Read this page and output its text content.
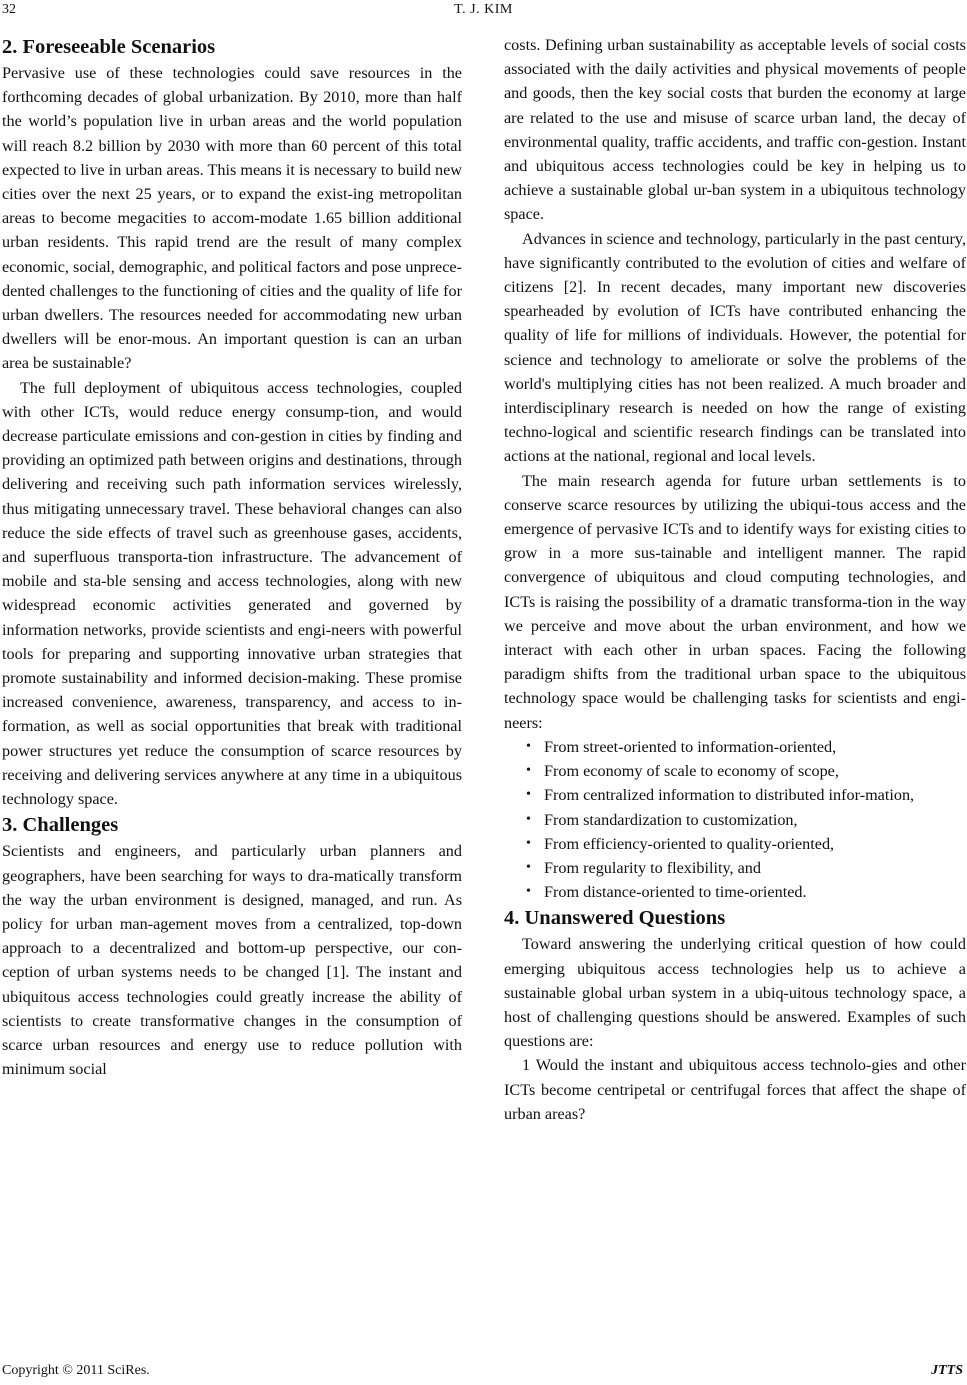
32	T. J. KIM
2. Foreseeable Scenarios

Pervasive use of these technologies could save resources in the forthcoming decades of global urbanization. By 2010, more than half the world’s population live in urban areas and the world population will reach 8.2 billion by 2030 with more than 60 percent of this total expected to live in urban areas. This means it is necessary to build new cities over the next 25 years, or to expand the exist-ing metropolitan areas to become megacities to accom-modate 1.65 billion additional urban residents. This rapid trend are the result of many complex economic, social, demographic, and political factors and pose unprece-dented challenges to the functioning of cities and the quality of life for urban dwellers. The resources needed for accommodating new urban dwellers will be enor-mous. An important question is can an urban area be sustainable?

The full deployment of ubiquitous access technologies, coupled with other ICTs, would reduce energy consump-tion, and would decrease particulate emissions and con-gestion in cities by finding and providing an optimized path between origins and destinations, through delivering and receiving such path information services wirelessly, thus mitigating unnecessary travel. These behavioral changes can also reduce the side effects of travel such as greenhouse gases, accidents, and superfluous transporta-tion infrastructure. The advancement of mobile and sta-ble sensing and access technologies, along with new widespread economic activities generated and governed by information networks, provide scientists and engi-neers with powerful tools for preparing and supporting innovative urban strategies that promote sustainability and informed decision-making. These promise increased convenience, awareness, transparency, and access to in-formation, as well as social opportunities that break with traditional power structures yet reduce the consumption of scarce resources by receiving and delivering services anywhere at any time in a ubiquitous technology space.

3. Challenges

Scientists and engineers, and particularly urban planners and geographers, have been searching for ways to dra-matically transform the way the urban environment is designed, managed, and run. As policy for urban man-agement moves from a centralized, top-down approach to a decentralized and bottom-up perspective, our con-ception of urban systems needs to be changed [1]. The instant and ubiquitous access technologies could greatly increase the ability of scientists to create transformative changes in the consumption of scarce urban resources and energy use to reduce pollution with minimum social

costs. Defining urban sustainability as acceptable levels of social costs associated with the daily activities and physical movements of people and goods, then the key social costs that burden the economy at large are related to the use and misuse of scarce urban land, the decay of environmental quality, traffic accidents, and traffic con-gestion. Instant and ubiquitous access technologies could be key in helping us to achieve a sustainable global ur-ban system in a ubiquitous technology space.

Advances in science and technology, particularly in the past century, have significantly contributed to the evolution of cities and welfare of citizens [2]. In recent decades, many important new discoveries spearheaded by evolution of ICTs have contributed enhancing the quality of life for millions of individuals. However, the potential for science and technology to ameliorate or solve the problems of the world's multiplying cities has not been realized. A much broader and interdisciplinary research is needed on how the range of existing techno-logical and scientific research findings can be translated into actions at the national, regional and local levels.

The main research agenda for future urban settlements is to conserve scarce resources by utilizing the ubiqui-tous access and the emergence of pervasive ICTs and to identify ways for existing cities to grow in a more sus-tainable and intelligent manner. The rapid convergence of ubiquitous and cloud computing technologies, and ICTs is raising the possibility of a dramatic transforma-tion in the way we perceive and move about the urban environment, and how we interact with each other in urban spaces. Facing the following paradigm shifts from the traditional urban space to the ubiquitous technology space would be challenging tasks for scientists and engi-neers:

• From street-oriented to information-oriented,
• From economy of scale to economy of scope,
• From centralized information to distributed infor-mation,
• From standardization to customization,
• From efficiency-oriented to quality-oriented,
• From regularity to flexibility, and
• From distance-oriented to time-oriented.
4. Unanswered Questions

Toward answering the underlying critical question of how could emerging ubiquitous access technologies help us to achieve a sustainable global urban system in a ubiq-uitous technology space, a host of challenging questions should be answered. Examples of such questions are:

1 Would the instant and ubiquitous access technolo-gies and other ICTs become centripetal or centrifugal forces that affect the shape of urban areas?

Copyright © 2011 SciRes.	JTTS
